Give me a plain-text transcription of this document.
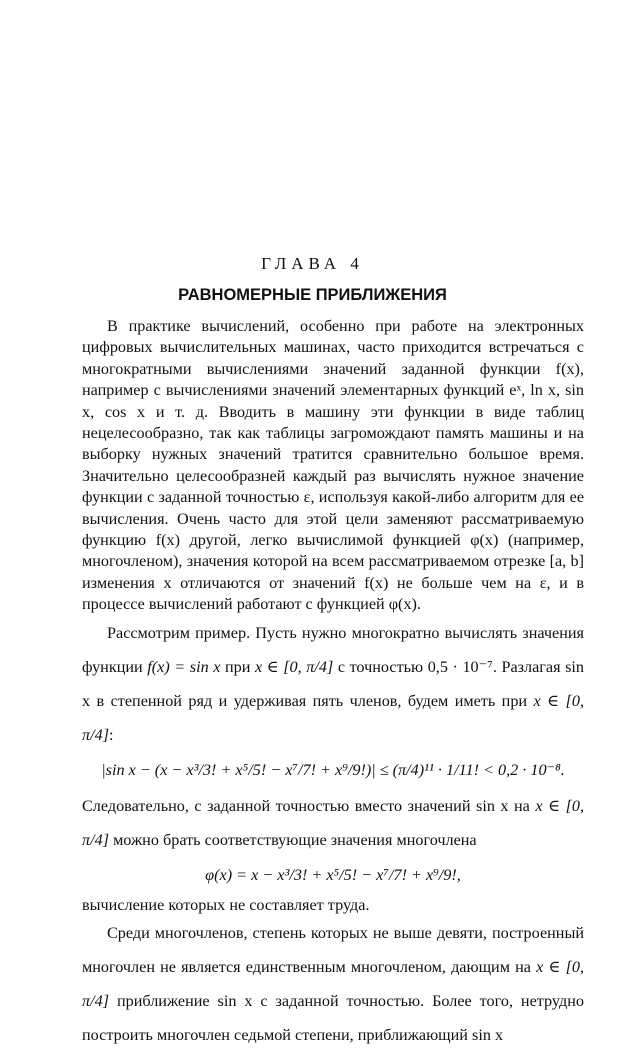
ГЛАВА 4
РАВНОМЕРНЫЕ ПРИБЛИЖЕНИЯ

В практике вычислений, особенно при работе на электронных цифровых вычислительных машинах, часто приходится встречаться с многократными вычислениями значений заданной функции f(x), например с вычислениями значений элементарных функций eˣ, ln x, sin x, cos x и т. д. Вводить в машину эти функции в виде таблиц нецелесообразно, так как таблицы загромождают память машины и на выборку нужных значений тратится сравнительно большое время. Значительно целесообразней каждый раз вычислять нужное значение функции с заданной точностью ε, используя какой-либо алгоритм для ее вычисления. Очень часто для этой цели заменяют рассматриваемую функцию f(x) другой, легко вычислимой функцией φ(x) (например, многочленом), значения которой на всем рассматриваемом отрезке [a, b] изменения x отличаются от значений f(x) не больше чем на ε, и в процессе вычислений работают с функцией φ(x).

Рассмотрим пример. Пусть нужно многократно вычислять значения функции f(x) = sin x при x ∈ [0, π/4] с точностью 0,5 · 10⁻⁷. Разлагая sin x в степенной ряд и удерживая пять членов, будем иметь при x ∈ [0, π/4]:

|sin x − (x − x³/3! + x⁵/5! − x⁷/7! + x⁹/9!)| ≤ (π/4)¹¹ · 1/11! < 0,2 · 10⁻⁸.

Следовательно, с заданной точностью вместо значений sin x на x ∈ [0, π/4] можно брать соответствующие значения многочлена

φ(x) = x − x³/3! + x⁵/5! − x⁷/7! + x⁹/9!,

вычисление которых не составляет труда.

Среди многочленов, степень которых не выше девяти, построенный многочлен не является единственным многочленом, дающим на x ∈ [0, π/4] приближение sin x с заданной точностью. Более того, нетрудно построить многочлен седьмой степени, приближающий sin x
